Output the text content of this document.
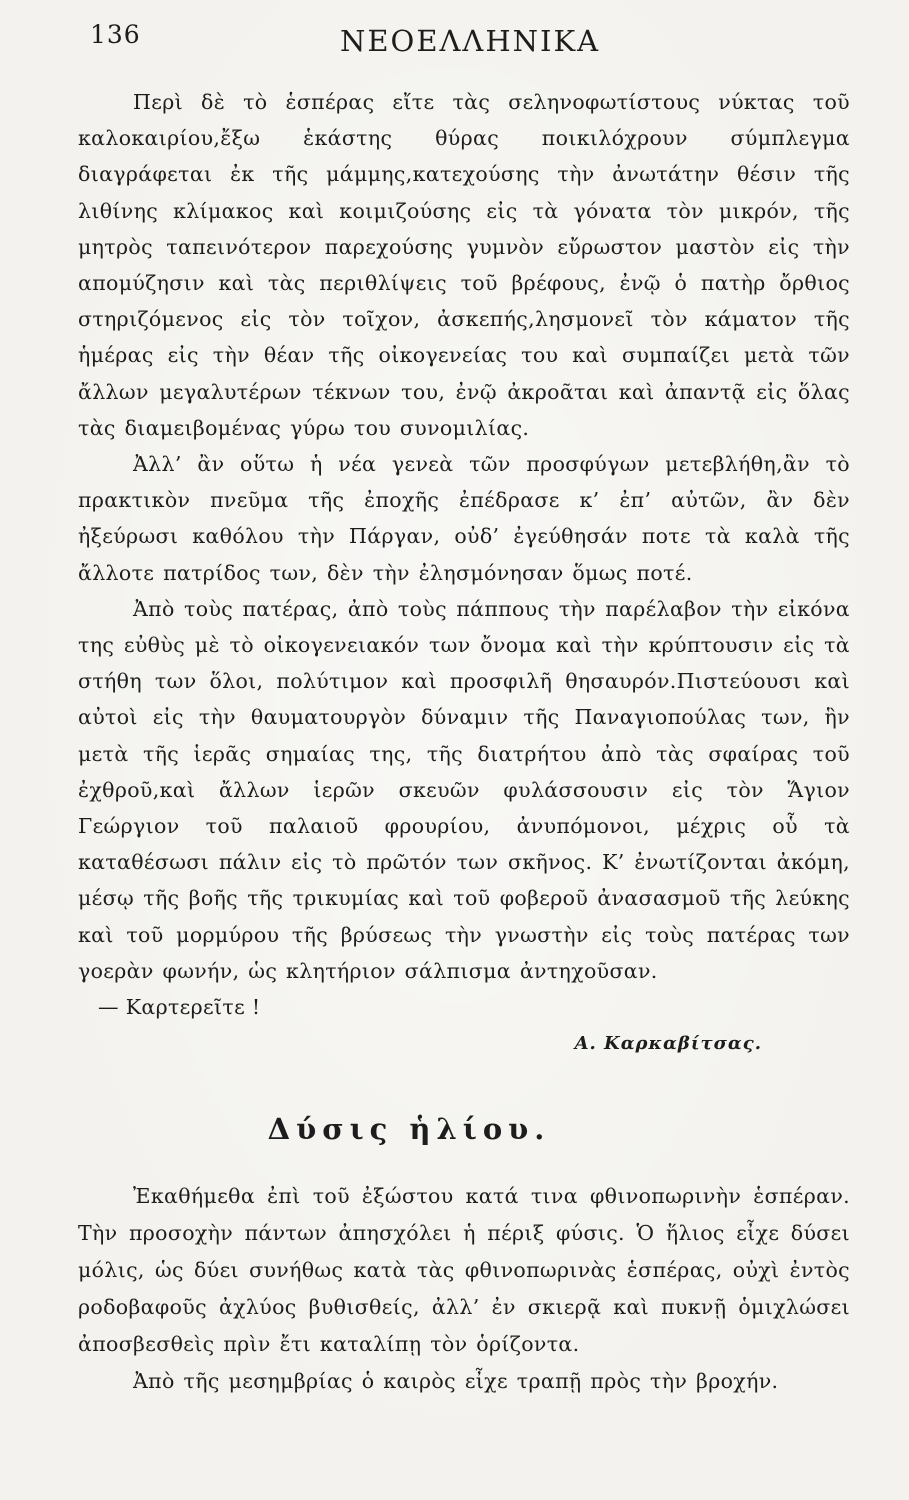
136	ΝΕΟΕΛΛΗΝΙΚΑ

Περὶ δὲ τὸ ἑσπέρας εἴτε τὰς σεληνοφωτίστους νύκτας τοῦ καλοκαιρίου,ἔξω ἑκάστης θύρας ποικιλόχρουν σύμπλεγμα διαγράφεται ἐκ τῆς μάμμης,κατεχούσης τὴν ἀνωτάτην θέσιν τῆς λιθίνης κλίμακος καὶ κοιμιζούσης εἰς τὰ γόνατα τὸν μικρόν, τῆς μητρὸς ταπεινότερον παρεχούσης γυμνὸν εὔρωστον μαστὸν εἰς τὴν απομύζησιν καὶ τὰς περιθλίψεις τοῦ βρέφους, ἐνῷ ὁ πατὴρ ὄρθιος στηριζόμενος εἰς τὸν τοῖχον, ἀσκεπής,λησμονεῖ τὸν κάματον τῆς ἡμέρας εἰς τὴν θέαν τῆς οἰκογενείας του καὶ συμπαίζει μετὰ τῶν ἄλλων μεγαλυτέρων τέκνων του, ἐνῷ ἀκροᾶται καὶ ἀπαντᾷ εἰς ὅλας τὰς διαμειβομένας γύρω του συνομιλίας.

Ἀλλ’ ἂν οὕτω ἡ νέα γενεὰ τῶν προσφύγων μετεβλήθη,ἂν τὸ πρακτικὸν πνεῦμα τῆς ἐποχῆς ἐπέδρασε κ’ ἐπ’ αὐτῶν, ἂν δὲν ἠξεύρωσι καθόλου τὴν Πάργαν, οὐδ’ ἐγεύθησάν ποτε τὰ καλὰ τῆς ἄλλοτε πατρίδος των, δὲν τὴν ἐλησμόνησαν ὅμως ποτέ.

Ἀπὸ τοὺς πατέρας, ἀπὸ τοὺς πάππους τὴν παρέλαβον τὴν εἰκόνα της εὐθὺς μὲ τὸ οἰκογενειακόν των ὄνομα καὶ τὴν κρύπτουσιν εἰς τὰ στήθη των ὅλοι, πολύτιμον καὶ προσφιλῆ θησαυρόν.Πιστεύουσι καὶ αὐτοὶ εἰς τὴν θαυματουργὸν δύναμιν τῆς Παναγιοπούλας των, ἣν μετὰ τῆς ἱερᾶς σημαίας της, τῆς διατρήτου ἀπὸ τὰς σφαίρας τοῦ ἐχθροῦ,καὶ ἄλλων ἱερῶν σκευῶν φυλάσσουσιν εἰς τὸν Ἅγιον Γεώργιον τοῦ παλαιοῦ φρουρίου, ἀνυπόμονοι, μέχρις οὗ τὰ καταθέσωσι πάλιν εἰς τὸ πρῶτόν των σκῆνος. Κ’ ἐνωτίζονται ἀκόμη, μέσῳ τῆς βοῆς τῆς τρικυμίας καὶ τοῦ φοβεροῦ ἀνασασμοῦ τῆς λεύκης καὶ τοῦ μορμύρου τῆς βρύσεως τὴν γνωστὴν εἰς τοὺς πατέρας των γοερὰν φωνήν, ὡς κλητήριον σάλπισμα ἀντηχοῦσαν.

— Καρτερεῖτε !

Α. Καρκαβίτσας.

Δύσις ἡλίου.

Ἐκαθήμεθα ἐπὶ τοῦ ἐξώστου κατά τινα φθινοπωρινὴν ἑσπέραν. Τὴν προσοχὴν πάντων ἀπησχόλει ἡ πέριξ φύσις. Ὁ ἥλιος εἶχε δύσει μόλις, ὡς δύει συνήθως κατὰ τὰς φθινοπωρινὰς ἑσπέρας, οὐχὶ ἐντὸς ροδοβαφοῦς ἀχλύος βυθισθείς, ἀλλ’ ἐν σκιερᾷ καὶ πυκνῇ ὁμιχλώσει ἀποσβεσθεὶς πρὶν ἔτι καταλίπῃ τὸν ὁρίζοντα.

Ἀπὸ τῆς μεσημβρίας ὁ καιρὸς εἶχε τραπῇ πρὸς τὴν βροχήν.
